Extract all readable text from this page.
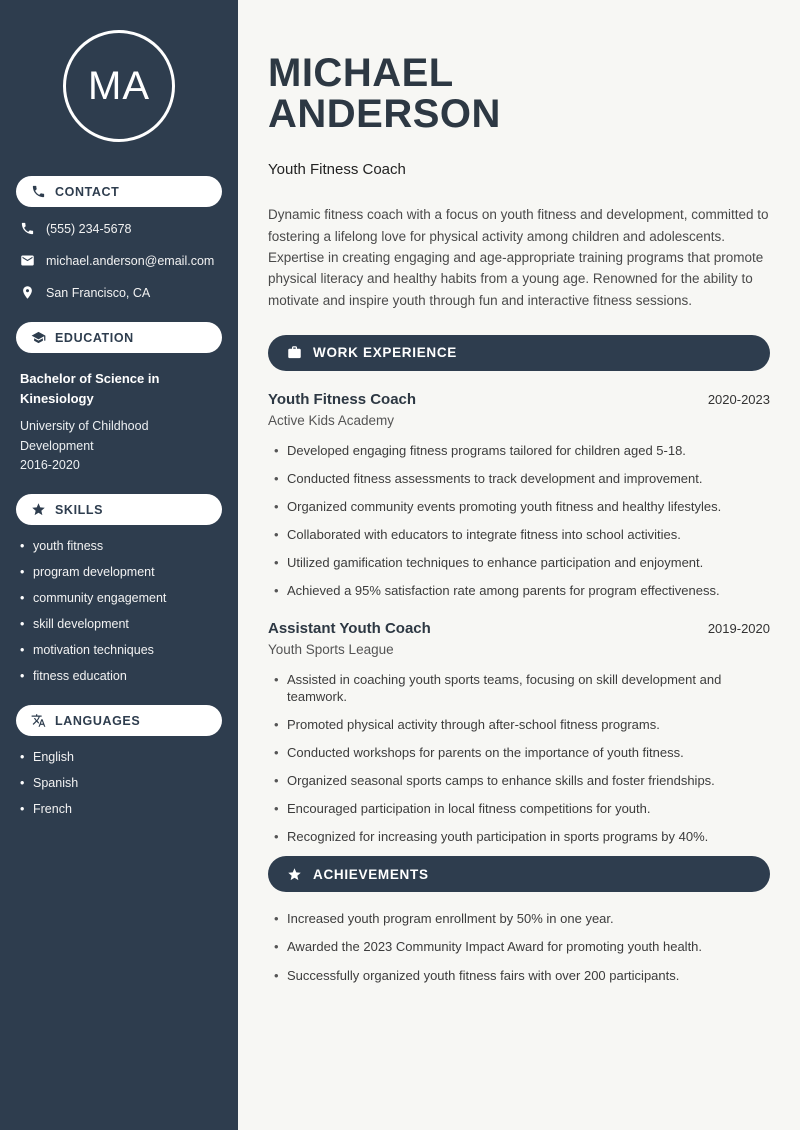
MA
CONTACT
(555) 234-5678
michael.anderson@email.com
San Francisco, CA
EDUCATION
Bachelor of Science in Kinesiology
University of Childhood Development
2016-2020
SKILLS
• youth fitness
• program development
• community engagement
• skill development
• motivation techniques
• fitness education
LANGUAGES
• English
• Spanish
• French
MICHAEL
ANDERSON
Youth Fitness Coach

Dynamic fitness coach with a focus on youth fitness and development, committed to fostering a lifelong love for physical activity among children and adolescents. Expertise in creating engaging and age-appropriate training programs that promote physical literacy and healthy habits from a young age. Renowned for the ability to motivate and inspire youth through fun and interactive fitness sessions.

WORK EXPERIENCE
Youth Fitness Coach	2020-2023
Active Kids Academy
• Developed engaging fitness programs tailored for children aged 5-18.
• Conducted fitness assessments to track development and improvement.
• Organized community events promoting youth fitness and healthy lifestyles.
• Collaborated with educators to integrate fitness into school activities.
• Utilized gamification techniques to enhance participation and enjoyment.
• Achieved a 95% satisfaction rate among parents for program effectiveness.
Assistant Youth Coach	2019-2020
Youth Sports League
• Assisted in coaching youth sports teams, focusing on skill development and teamwork.
• Promoted physical activity through after-school fitness programs.
• Conducted workshops for parents on the importance of youth fitness.
• Organized seasonal sports camps to enhance skills and foster friendships.
• Encouraged participation in local fitness competitions for youth.
• Recognized for increasing youth participation in sports programs by 40%.
ACHIEVEMENTS
• Increased youth program enrollment by 50% in one year.
• Awarded the 2023 Community Impact Award for promoting youth health.
• Successfully organized youth fitness fairs with over 200 participants.
